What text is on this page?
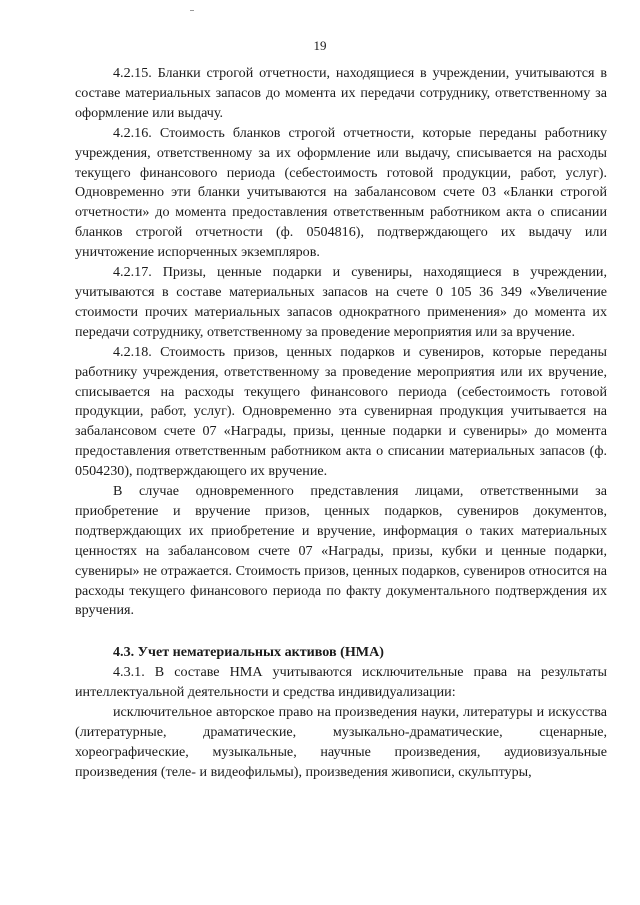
19

4.2.15. Бланки строгой отчетности, находящиеся в учреждении, учитываются в составе материальных запасов до момента их передачи сотруднику, ответственному за оформление или выдачу.

4.2.16. Стоимость бланков строгой отчетности, которые переданы работнику учреждения, ответственному за их оформление или выдачу, списывается на расходы текущего финансового периода (себестоимость готовой продукции, работ, услуг). Одновременно эти бланки учитываются на забалансовом счете 03 «Бланки строгой отчетности» до момента предоставления ответственным работником акта о списании бланков строгой отчетности (ф. 0504816), подтверждающего их выдачу или уничтожение испорченных экземпляров.

4.2.17. Призы, ценные подарки и сувениры, находящиеся в учреждении, учитываются в составе материальных запасов на счете 0 105 36 349 «Увеличение стоимости прочих материальных запасов однократного применения» до момента их передачи сотруднику, ответственному за проведение мероприятия или за вручение.

4.2.18. Стоимость призов, ценных подарков и сувениров, которые переданы работнику учреждения, ответственному за проведение мероприятия или их вручение, списывается на расходы текущего финансового периода (себестоимость готовой продукции, работ, услуг). Одновременно эта сувенирная продукция учитывается на забалансовом счете 07 «Награды, призы, ценные подарки и сувениры» до момента предоставления ответственным работником акта о списании материальных запасов (ф. 0504230), подтверждающего их вручение.

В случае одновременного представления лицами, ответственными за приобретение и вручение призов, ценных подарков, сувениров документов, подтверждающих их приобретение и вручение, информация о таких материальных ценностях на забалансовом счете 07 «Награды, призы, кубки и ценные подарки, сувениры» не отражается. Стоимость призов, ценных подарков, сувениров относится на расходы текущего финансового периода по факту документального подтверждения их вручения.

4.3. Учет нематериальных активов (НМА)

4.3.1. В составе НМА учитываются исключительные права на результаты интеллектуальной деятельности и средства индивидуализации:

исключительное авторское право на произведения науки, литературы и искусства (литературные, драматические, музыкально-драматические, сценарные, хореографические, музыкальные, научные произведения, аудиовизуальные произведения (теле- и видеофильмы), произведения живописи, скульптуры,
